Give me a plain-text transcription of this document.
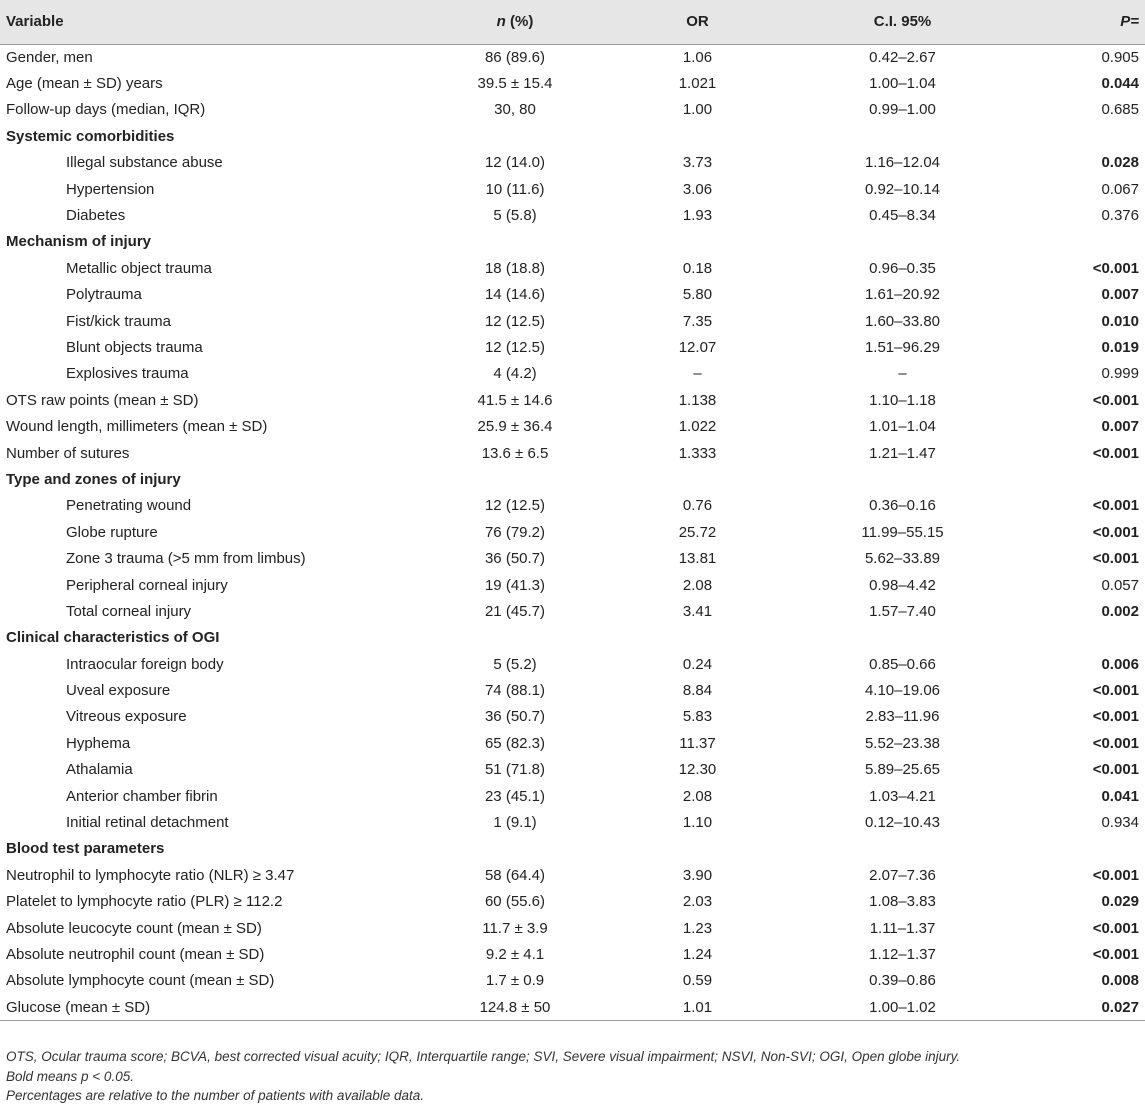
Variable	n (%)	OR	C.I. 95%	P=
Gender, men	86 (89.6)	1.06	0.42–2.67	0.905
Age (mean ± SD) years	39.5 ± 15.4	1.021	1.00–1.04	0.044
Follow-up days (median, IQR)	30, 80	1.00	0.99–1.00	0.685
Systemic comorbidities				
Illegal substance abuse	12 (14.0)	3.73	1.16–12.04	0.028
Hypertension	10 (11.6)	3.06	0.92–10.14	0.067
Diabetes	5 (5.8)	1.93	0.45–8.34	0.376
Mechanism of injury				
Metallic object trauma	18 (18.8)	0.18	0.96–0.35	<0.001
Polytrauma	14 (14.6)	5.80	1.61–20.92	0.007
Fist/kick trauma	12 (12.5)	7.35	1.60–33.80	0.010
Blunt objects trauma	12 (12.5)	12.07	1.51–96.29	0.019
Explosives trauma	4 (4.2)	–	–	0.999
OTS raw points (mean ± SD)	41.5 ± 14.6	1.138	1.10–1.18	<0.001
Wound length, millimeters (mean ± SD)	25.9 ± 36.4	1.022	1.01–1.04	0.007
Number of sutures	13.6 ± 6.5	1.333	1.21–1.47	<0.001
Type and zones of injury				
Penetrating wound	12 (12.5)	0.76	0.36–0.16	<0.001
Globe rupture	76 (79.2)	25.72	11.99–55.15	<0.001
Zone 3 trauma (>5 mm from limbus)	36 (50.7)	13.81	5.62–33.89	<0.001
Peripheral corneal injury	19 (41.3)	2.08	0.98–4.42	0.057
Total corneal injury	21 (45.7)	3.41	1.57–7.40	0.002
Clinical characteristics of OGI				
Intraocular foreign body	5 (5.2)	0.24	0.85–0.66	0.006
Uveal exposure	74 (88.1)	8.84	4.10–19.06	<0.001
Vitreous exposure	36 (50.7)	5.83	2.83–11.96	<0.001
Hyphema	65 (82.3)	11.37	5.52–23.38	<0.001
Athalamia	51 (71.8)	12.30	5.89–25.65	<0.001
Anterior chamber fibrin	23 (45.1)	2.08	1.03–4.21	0.041
Initial retinal detachment	1 (9.1)	1.10	0.12–10.43	0.934
Blood test parameters				
Neutrophil to lymphocyte ratio (NLR) ≥ 3.47	58 (64.4)	3.90	2.07–7.36	<0.001
Platelet to lymphocyte ratio (PLR) ≥ 112.2	60 (55.6)	2.03	1.08–3.83	0.029
Absolute leucocyte count (mean ± SD)	11.7 ± 3.9	1.23	1.11–1.37	<0.001
Absolute neutrophil count (mean ± SD)	9.2 ± 4.1	1.24	1.12–1.37	<0.001
Absolute lymphocyte count (mean ± SD)	1.7 ± 0.9	0.59	0.39–0.86	0.008
Glucose (mean ± SD)	124.8 ± 50	1.01	1.00–1.02	0.027
OTS, Ocular trauma score; BCVA, best corrected visual acuity; IQR, Interquartile range; SVI, Severe visual impairment; NSVI, Non-SVI; OGI, Open globe injury.
Bold means p < 0.05.
Percentages are relative to the number of patients with available data.
